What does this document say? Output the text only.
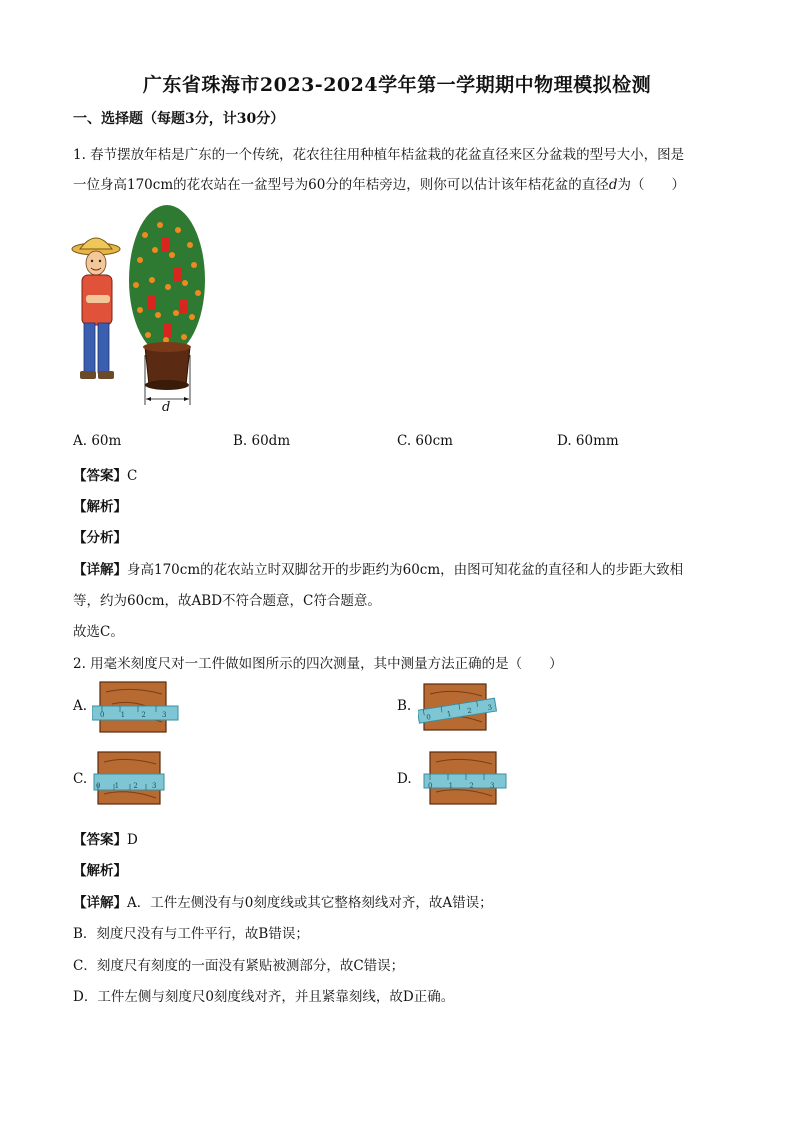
广东省珠海市2023-2024学年第一学期期中物理模拟检测
一、选择题（每题3分，计30分）
1. 春节摆放年桔是广东的一个传统，花农往往用种植年桔盆栽的花盆直径来区分盆栽的型号大小，图是
一位身高170cm的花农站在一盆型号为60分的年桔旁边，则你可以估计该年桔花盆的直径d为（　　）
d
A. 60m	B. 60dm	C. 60cm	D. 60mm
【答案】C
【解析】
【分析】
【详解】身高170cm的花农站立时双脚岔开的步距约为60cm，由图可知花盆的直径和人的步距大致相
等，约为60cm，故ABD不符合题意，C符合题意。
故选C。
2. 用毫米刻度尺对一工件做如图所示的四次测量，其中测量方法正确的是（　　）
A.	B.
C.	D.
0 1 2 3	0 1 2 3
0 1 2 3	0 1 2 3
【答案】D
【解析】
【详解】A．工件左侧没有与0刻度线或其它整格刻线对齐，故A错误；
B．刻度尺没有与工件平行，故B错误；
C．刻度尺有刻度的一面没有紧贴被测部分，故C错误；
D．工件左侧与刻度尺0刻度线对齐，并且紧靠刻线，故D正确。
